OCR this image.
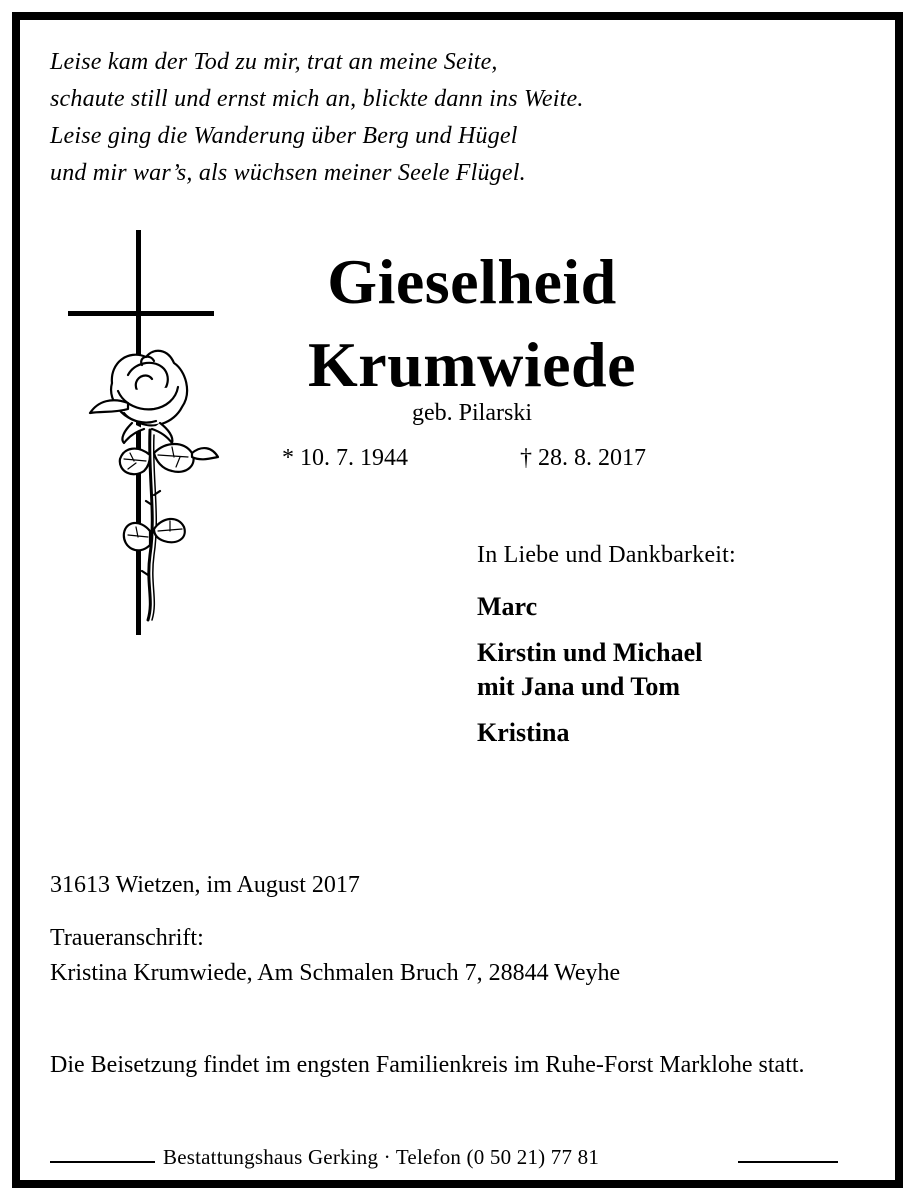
Leise kam der Tod zu mir, trat an meine Seite,
schaute still und ernst mich an, blickte dann ins Weite.
Leise ging die Wanderung über Berg und Hügel
und mir war’s, als wüchsen meiner Seele Flügel.
Gieselheid
Krumwiede
geb. Pilarski
* 10. 7. 1944	† 28. 8. 2017
In Liebe und Dankbarkeit:
Marc
Kirstin und Michael
mit Jana und Tom
Kristina
31613 Wietzen, im August 2017
Traueranschrift:
Kristina Krumwiede, Am Schmalen Bruch 7, 28844 Weyhe
Die Beisetzung findet im engsten Familienkreis im Ruhe-Forst Marklohe statt.
Bestattungshaus Gerking · Telefon (0 50 21) 77 81
